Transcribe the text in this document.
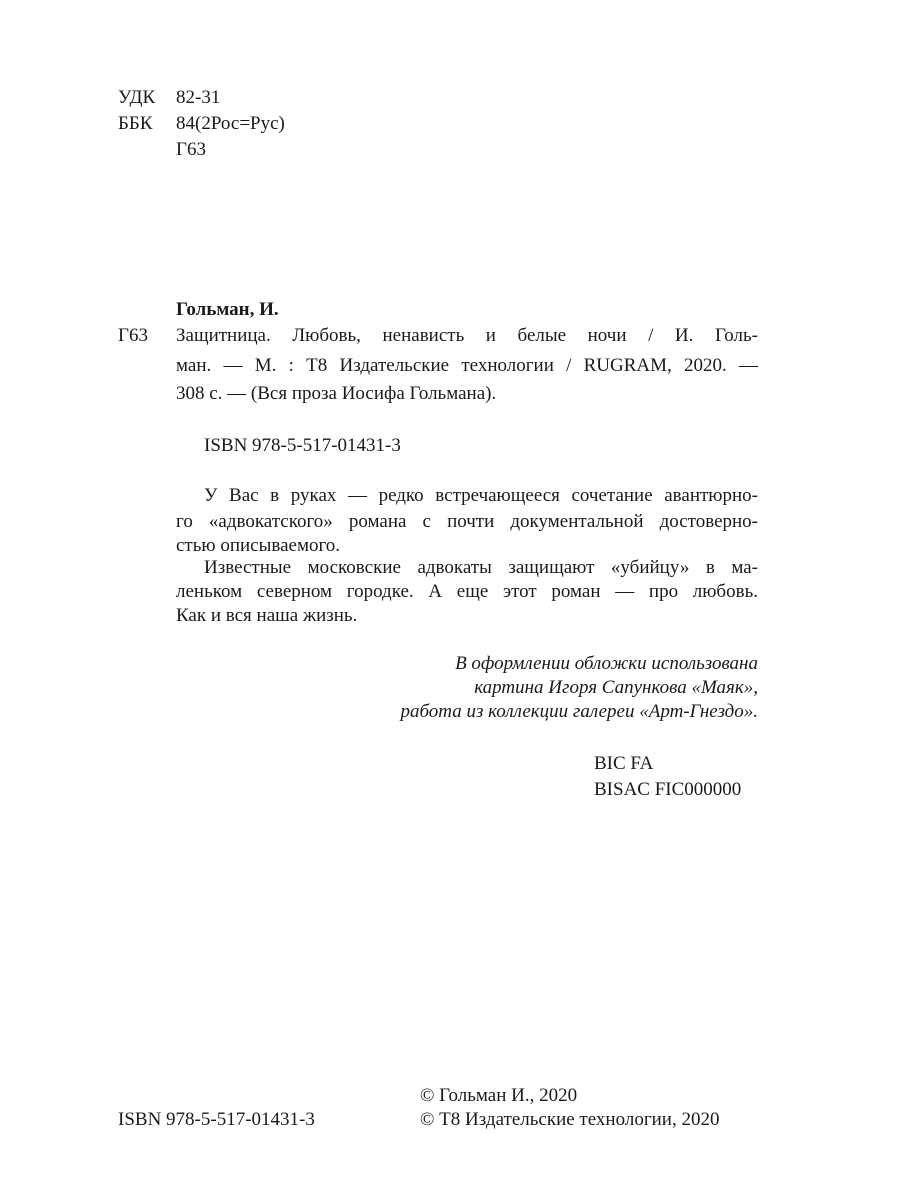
УДК 82-31
ББК 84(2Рос=Рус)
Г63
Гольман, И.
Г63 Защитница. Любовь, ненависть и белые ночи / И. Голь-
ман. — М. : Т8 Издательские технологии / RUGRAM, 2020. —
308 с. — (Вся проза Иосифа Гольмана).
ISBN 978-5-517-01431-3
У Вас в руках — редко встречающееся сочетание авантюрно-
го «адвокатского» романа с почти документальной достоверно-
стью описываемого.
Известные московские адвокаты защищают «убийцу» в ма-
леньком северном городке. А еще этот роман — про любовь.
Как и вся наша жизнь.
В оформлении обложки использована
картина Игоря Сапункова «Маяк»,
работа из коллекции галереи «Арт-Гнездо».
BIC FA
BISAC FIC000000
© Гольман И., 2020
ISBN 978-5-517-01431-3	© Т8 Издательские технологии, 2020
